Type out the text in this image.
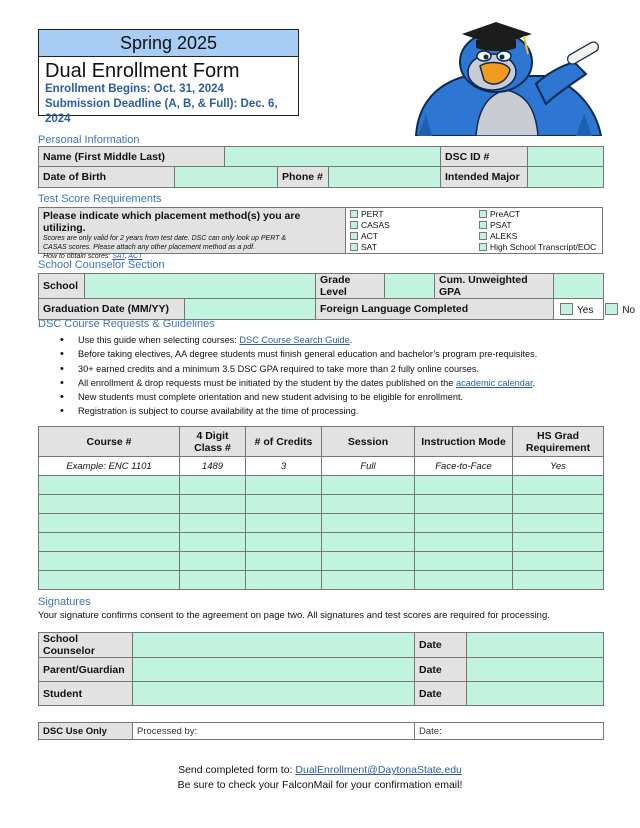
Spring 2025
Dual Enrollment Form
Enrollment Begins: Oct. 31, 2024
Submission Deadline (A, B, & Full): Dec. 6, 2024
Personal Information
Name (First Middle Last)					DSC ID #	
Date of Birth			Phone #		Intended Major	
Test Score Requirements
Please indicate which placement method(s) you are utilizing.
Scores are only valid for 2 years from test date. DSC can only look up PERT &
CASAS scores. Please attach any other placement method as a pdf.
How to obtain scores: SAT, ACT
PERT
CASAS
ACT
SAT
PreACT
PSAT
ALEKS
High School Transcript/EOC
School Counselor Section
School			Grade Level		Cum. Unweighted GPA	
Graduation Date (MM/YY)			Foreign Language Completed			Yes No
DSC Course Requests & Guidelines
• Use this guide when selecting courses: DSC Course Search Guide.
• Before taking electives, AA degree students must finish general education and bachelor’s program pre-requisites.
• 30+ earned credits and a minimum 3.5 DSC GPA required to take more than 2 fully online courses.
• All enrollment & drop requests must be initiated by the student by the dates published on the academic calendar.
• New students must complete orientation and new student advising to be eligible for enrollment.
• Registration is subject to course availability at the time of processing.
Course #	4 Digit Class #	# of Credits	Session	Instruction Mode	HS Grad Requirement
Example: ENC 1101	1489	3	Full	Face-to-Face	Yes

Signatures
Your signature confirms consent to the agreement on page two. All signatures and test scores are required for processing.
School Counselor		Date	
Parent/Guardian		Date	
Student		Date	
DSC Use Only	Processed by:	Date:
Send completed form to: DualEnrollment@DaytonaState.edu
Be sure to check your FalconMail for your confirmation email!
